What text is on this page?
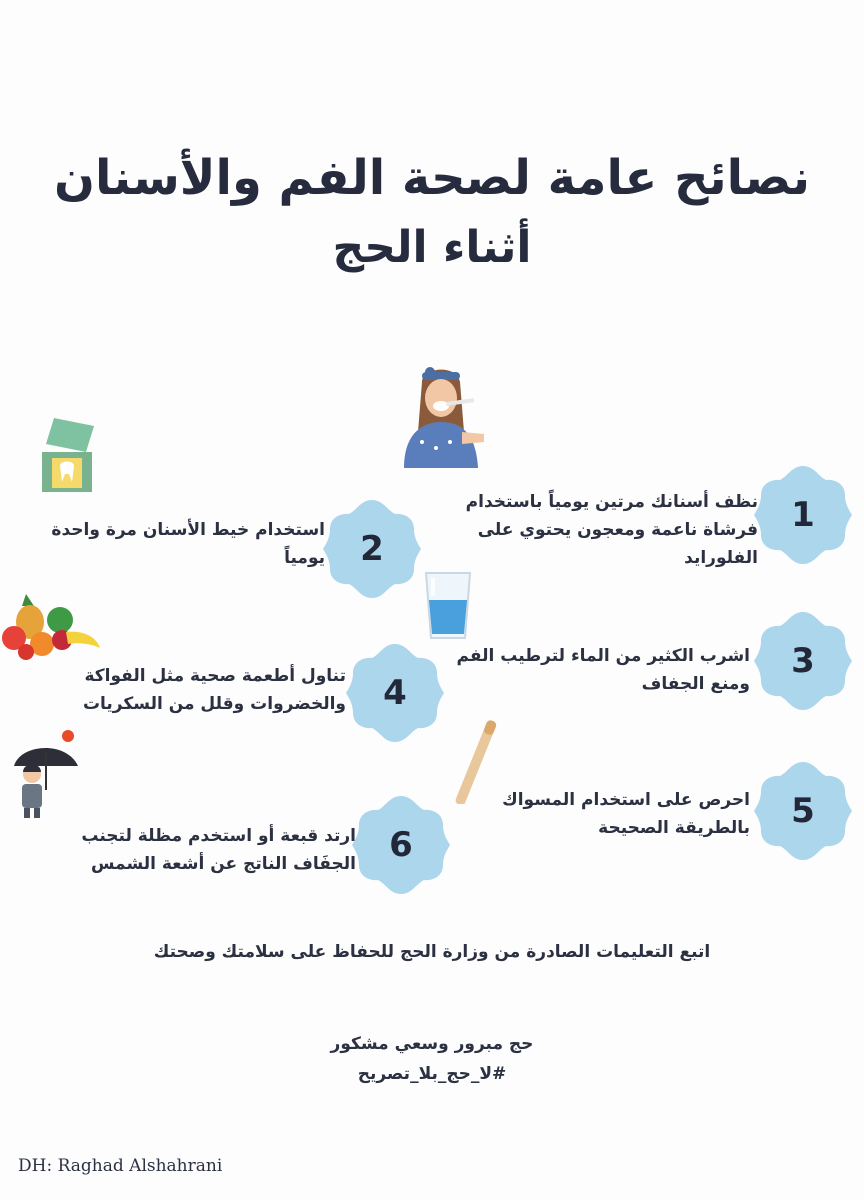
نصائح عامة لصحة الفم والأسنان
أثناء الحج
1
نظف أسنانك مرتين يومياً باستخدام فرشاة ناعمة ومعجون يحتوي على الفلورايد
2
استخدام خيط الأسنان مرة واحدة يومياً
3
اشرب الكثير من الماء لترطيب الفم ومنع الجفاف
4
تناول أطعمة صحية مثل الفواكة والخضروات وقلل من السكريات
5
احرص على استخدام المسواك بالطريقة الصحيحة
6
ارتد قبعة أو استخدم مظلة لتجنب الجفَاف الناتج عن أشعة الشمس
اتبع التعليمات الصادرة من وزارة الحج للحفاظ على سلامتك وصحتك
حج مبرور وسعي مشكور
#لا_حج_بلا_تصريح
DH: Raghad Alshahrani
